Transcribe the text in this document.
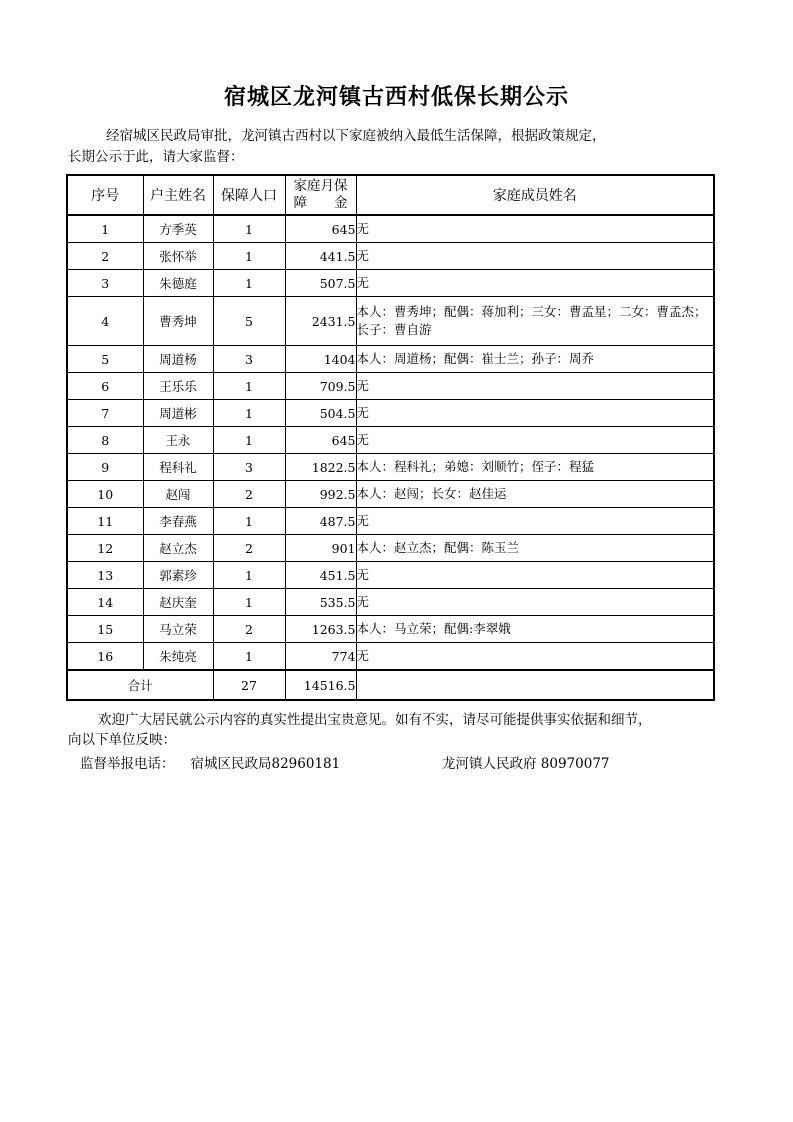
宿城区龙河镇古西村低保长期公示
经宿城区民政局审批，龙河镇古西村以下家庭被纳入最低生活保障，根据政策规定，
长期公示于此，请大家监督：
序号	户主姓名	保障人口	家庭月保
障　　金	家庭成员姓名
1	方季英	1	645	无
2	张怀举	1	441.5	无
3	朱德庭	1	507.5	无
4	曹秀坤	5	2431.5	本人：曹秀坤；配偶：蒋加利；三女：曹孟星；二女：曹孟杰；长子：曹自游
5	周道杨	3	1404	本人：周道杨；配偶：崔士兰；孙子：周乔
6	王乐乐	1	709.5	无
7	周道彬	1	504.5	无
8	王永	1	645	无
9	程科礼	3	1822.5	本人：程科礼；弟媳：刘顺竹；侄子：程猛
10	赵闯	2	992.5	本人：赵闯；长女：赵佳运
11	李春燕	1	487.5	无
12	赵立杰	2	901	本人：赵立杰；配偶：陈玉兰
13	郭素珍	1	451.5	无
14	赵庆奎	1	535.5	无
15	马立荣	2	1263.5	本人：马立荣；配偶:李翠娥
16	朱纯亮	1	774	无
合计		27	14516.5	
欢迎广大居民就公示内容的真实性提出宝贵意见。如有不实，请尽可能提供事实依据和细节，
向以下单位反映：
监督举报电话： 宿城区民政局82960181	龙河镇人民政府 80970077
